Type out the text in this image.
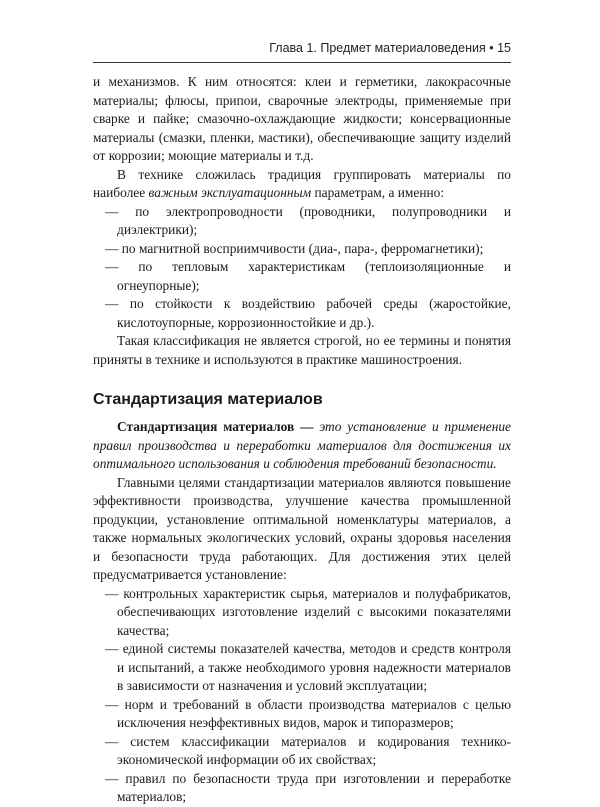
Глава 1. Предмет материаловедения • 15

и механизмов. К ним относятся: клеи и герметики, лакокрасочные материалы; флюсы, припои, сварочные электроды, применяемые при сварке и пайке; смазочно-охлаждающие жидкости; консервационные материалы (смазки, пленки, мастики), обеспечивающие защиту изделий от коррозии; моющие материалы и т.д.

В технике сложилась традиция группировать материалы по наиболее важным эксплуатационным параметрам, а именно:

— по электропроводности (проводники, полупроводники и диэлектрики);
— по магнитной восприимчивости (диа-, пара-, ферромагнетики);
— по тепловым характеристикам (теплоизоляционные и огнеупорные);
— по стойкости к воздействию рабочей среды (жаростойкие, кислотоупорные, коррозионностойкие и др.).

Такая классификация не является строгой, но ее термины и понятия приняты в технике и используются в практике машиностроения.

Стандартизация материалов

Стандартизация материалов — это установление и применение правил производства и переработки материалов для достижения их оптимального использования и соблюдения требований безопасности.

Главными целями стандартизации материалов являются повышение эффективности производства, улучшение качества промышленной продукции, установление оптимальной номенклатуры материалов, а также нормальных экологических условий, охраны здоровья населения и безопасности труда работающих. Для достижения этих целей предусматривается установление:

— контрольных характеристик сырья, материалов и полуфабрикатов, обеспечивающих изготовление изделий с высокими показателями качества;
— единой системы показателей качества, методов и средств контроля и испытаний, а также необходимого уровня надежности материалов в зависимости от назначения и условий эксплуатации;
— норм и требований в области производства материалов с целью исключения неэффективных видов, марок и типоразмеров;
— систем классификации материалов и кодирования технико-экономической информации об их свойствах;
— правил по безопасности труда при изготовлении и переработке материалов;
